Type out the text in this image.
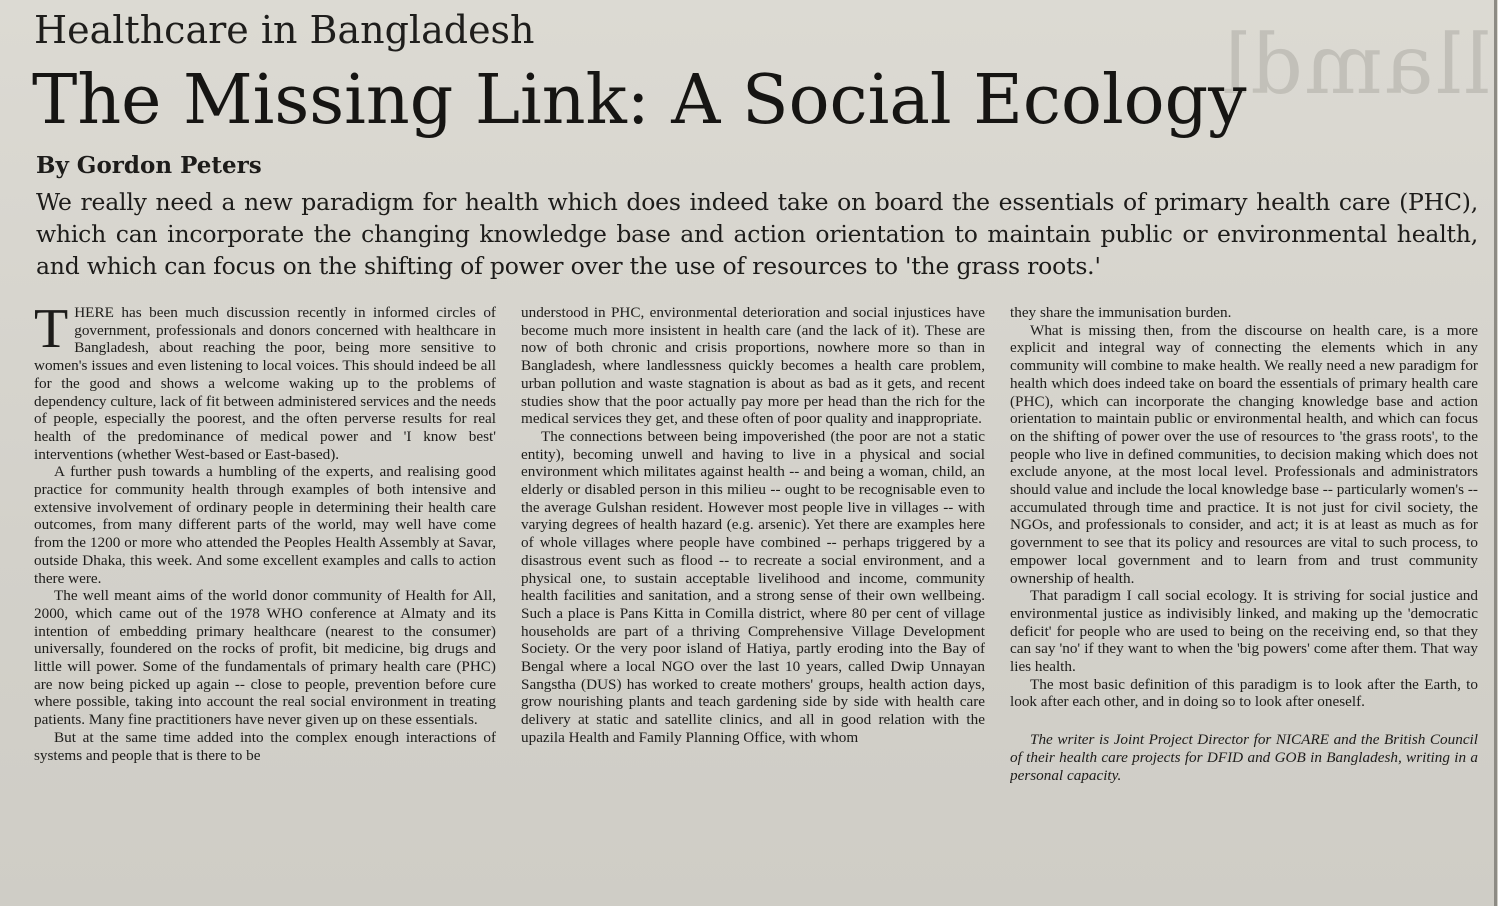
llamdl
Healthcare in Bangladesh
The Missing Link: A Social Ecology
By Gordon Peters
We really need a new paradigm for health which does indeed take on board the essentials of primary health care (PHC), which can incorporate the changing knowledge base and action orientation to maintain public or environmental health, and which can focus on the shifting of power over the use of resources to 'the grass roots.'

THERE has been much discussion recently in informed circles of government, professionals and donors concerned with healthcare in Bangladesh, about reaching the poor, being more sensitive to women's issues and even listening to local voices. This should indeed be all for the good and shows a welcome waking up to the problems of dependency culture, lack of fit between administered services and the needs of people, especially the poorest, and the often perverse results for real health of the predominance of medical power and 'I know best' interventions (whether West-based or East-based).

A further push towards a humbling of the experts, and realising good practice for community health through examples of both intensive and extensive involvement of ordinary people in determining their health care outcomes, from many different parts of the world, may well have come from the 1200 or more who attended the Peoples Health Assembly at Savar, outside Dhaka, this week. And some excellent examples and calls to action there were.

The well meant aims of the world donor community of Health for All, 2000, which came out of the 1978 WHO conference at Almaty and its intention of embedding primary healthcare (nearest to the consumer) universally, foundered on the rocks of profit, bit medicine, big drugs and little will power. Some of the fundamentals of primary health care (PHC) are now being picked up again -- close to people, prevention before cure where possible, taking into account the real social environment in treating patients. Many fine practitioners have never given up on these essentials.

But at the same time added into the complex enough interactions of systems and people that is there to be

understood in PHC, environmental deterioration and social injustices have become much more insistent in health care (and the lack of it). These are now of both chronic and crisis proportions, nowhere more so than in Bangladesh, where landlessness quickly becomes a health care problem, urban pollution and waste stagnation is about as bad as it gets, and recent studies show that the poor actually pay more per head than the rich for the medical services they get, and these often of poor quality and inappropriate.

The connections between being impoverished (the poor are not a static entity), becoming unwell and having to live in a physical and social environment which militates against health -- and being a woman, child, an elderly or disabled person in this milieu -- ought to be recognisable even to the average Gulshan resident. However most people live in villages -- with varying degrees of health hazard (e.g. arsenic). Yet there are examples here of whole villages where people have combined -- perhaps triggered by a disastrous event such as flood -- to recreate a social environment, and a physical one, to sustain acceptable livelihood and income, community health facilities and sanitation, and a strong sense of their own wellbeing. Such a place is Pans Kitta in Comilla district, where 80 per cent of village households are part of a thriving Comprehensive Village Development Society. Or the very poor island of Hatiya, partly eroding into the Bay of Bengal where a local NGO over the last 10 years, called Dwip Unnayan Sangstha (DUS) has worked to create mothers' groups, health action days, grow nourishing plants and teach gardening side by side with health care delivery at static and satellite clinics, and all in good relation with the upazila Health and Family Planning Office, with whom

they share the immunisation burden.

What is missing then, from the discourse on health care, is a more explicit and integral way of connecting the elements which in any community will combine to make health. We really need a new paradigm for health which does indeed take on board the essentials of primary health care (PHC), which can incorporate the changing knowledge base and action orientation to maintain public or environmental health, and which can focus on the shifting of power over the use of resources to 'the grass roots', to the people who live in defined communities, to decision making which does not exclude anyone, at the most local level. Professionals and administrators should value and include the local knowledge base -- particularly women's -- accumulated through time and practice. It is not just for civil society, the NGOs, and professionals to consider, and act; it is at least as much as for government to see that its policy and resources are vital to such process, to empower local government and to learn from and trust community ownership of health.

That paradigm I call social ecology. It is striving for social justice and environmental justice as indivisibly linked, and making up the 'democratic deficit' for people who are used to being on the receiving end, so that they can say 'no' if they want to when the 'big powers' come after them. That way lies health.

The most basic definition of this paradigm is to look after the Earth, to look after each other, and in doing so to look after oneself.

The writer is Joint Project Director for NICARE and the British Council of their health care projects for DFID and GOB in Bangladesh, writing in a personal capacity.
